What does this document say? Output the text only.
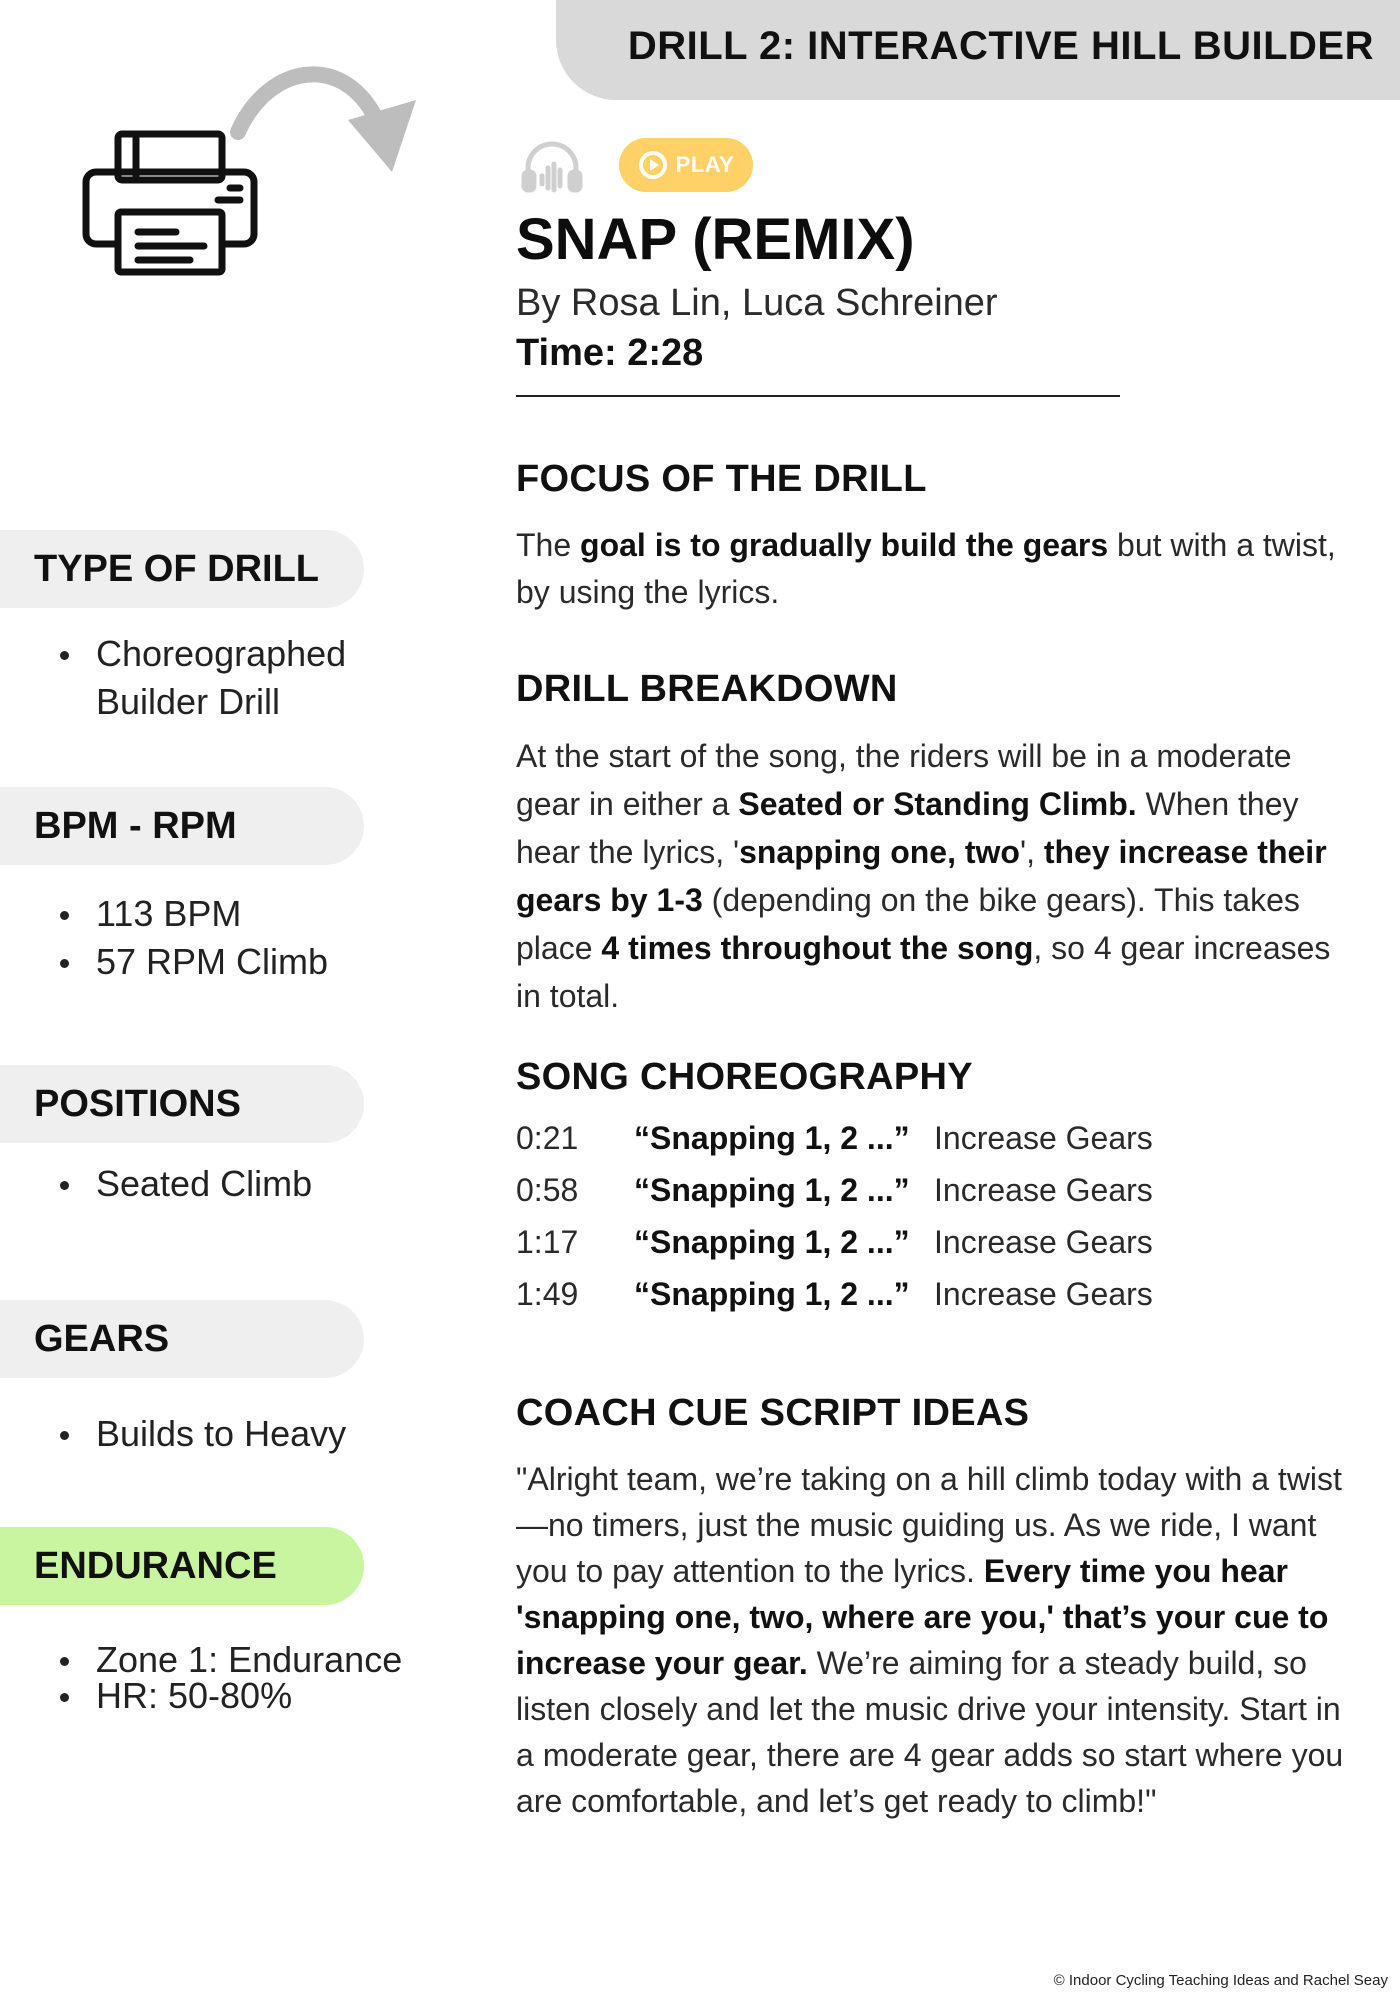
DRILL 2: INTERACTIVE HILL BUILDER
PLAY
SNAP (REMIX)
By Rosa Lin, Luca Schreiner
Time: 2:28
FOCUS OF THE DRILL
The goal is to gradually build the gears but with a twist, by using the lyrics.
DRILL BREAKDOWN
At the start of the song, the riders will be in a moderate gear in either a Seated or Standing Climb. When they hear the lyrics, 'snapping one, two', they increase their gears by 1-3 (depending on the bike gears). This takes place 4 times throughout the song, so 4 gear increases in total.
SONG CHOREOGRAPHY
0:21 “Snapping 1, 2 ...” Increase Gears
0:58 “Snapping 1, 2 ...” Increase Gears
1:17 “Snapping 1, 2 ...” Increase Gears
1:49 “Snapping 1, 2 ...” Increase Gears
COACH CUE SCRIPT IDEAS
"Alright team, we’re taking on a hill climb today with a twist—no timers, just the music guiding us. As we ride, I want you to pay attention to the lyrics. Every time you hear 'snapping one, two, where are you,' that’s your cue to increase your gear. We’re aiming for a steady build, so listen closely and let the music drive your intensity. Start in a moderate gear, there are 4 gear adds so start where you are comfortable, and let’s get ready to climb!"
TYPE OF DRILL
Choreographed Builder Drill
BPM - RPM
113 BPM
57 RPM Climb
POSITIONS
Seated Climb
GEARS
Builds to Heavy
ENDURANCE
Zone 1: Endurance
HR: 50-80%
© Indoor Cycling Teaching Ideas and Rachel Seay
